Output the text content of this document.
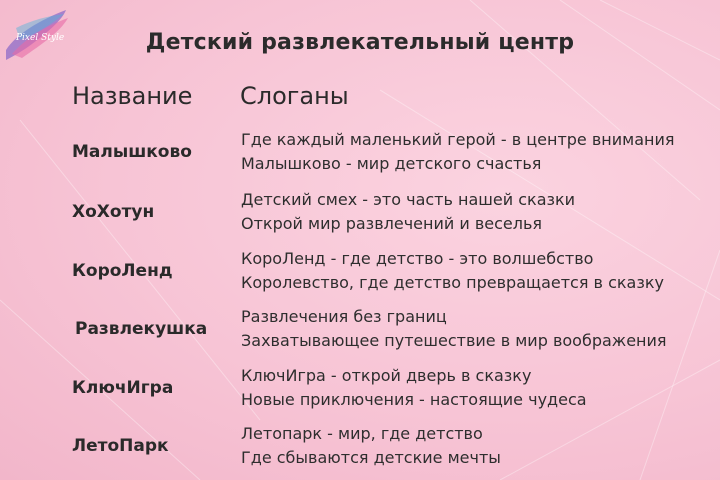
Pixel Style	Детский развлекательный центр
Название Слоганы
Малышково
Где каждый маленький герой - в центре внимания
Малышково - мир детского счастья
ХоХотун
Детский смех - это часть нашей сказки
Открой мир развлечений и веселья
КороЛенд
КороЛенд - где детство - это волшебство
Королевство, где детство превращается в сказку
Развлекушка
Развлечения без границ
Захватывающее путешествие в мир воображения
КлючИгра
КлючИгра - открой дверь в сказку
Новые приключения - настоящие чудеса
ЛетоПарк
Летопарк - мир, где детство
Где сбываются детские мечты
